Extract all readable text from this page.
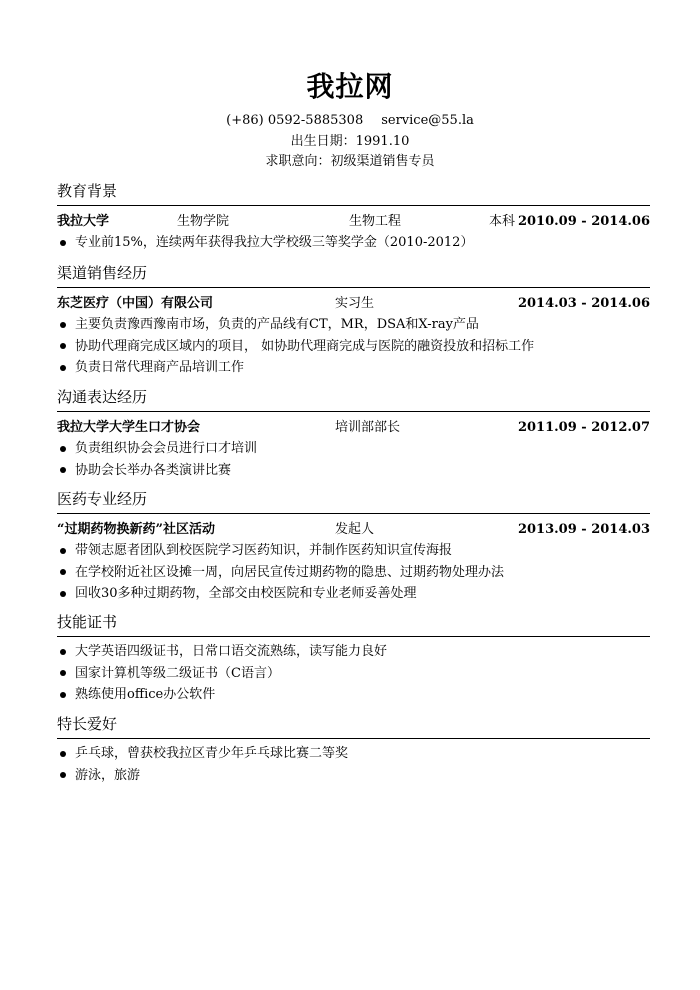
我拉网
(+86) 0592-5885308 service@55.la
出生日期：1991.10
求职意向：初级渠道销售专员
教育背景
我拉大学	生物学院	生物工程	本科 2010.09 - 2014.06
专业前15%，连续两年获得我拉大学校级三等奖学金（2010-2012）
渠道销售经历
东芝医疗（中国）有限公司	实习生	2014.03 - 2014.06
主要负责豫西豫南市场，负责的产品线有CT，MR，DSA和X-ray产品
协助代理商完成区域内的项目， 如协助代理商完成与医院的融资投放和招标工作
负责日常代理商产品培训工作
沟通表达经历
我拉大学大学生口才协会	培训部部长	2011.09 - 2012.07
负责组织协会会员进行口才培训
协助会长举办各类演讲比赛
医药专业经历
“过期药物换新药”社区活动	发起人	2013.09 - 2014.03
带领志愿者团队到校医院学习医药知识，并制作医药知识宣传海报
在学校附近社区设摊一周，向居民宣传过期药物的隐患、过期药物处理办法
回收30多种过期药物，全部交由校医院和专业老师妥善处理
技能证书
大学英语四级证书，日常口语交流熟练，读写能力良好
国家计算机等级二级证书（C语言）
熟练使用office办公软件
特长爱好
乒乓球，曾获校我拉区青少年乒乓球比赛二等奖
游泳，旅游
